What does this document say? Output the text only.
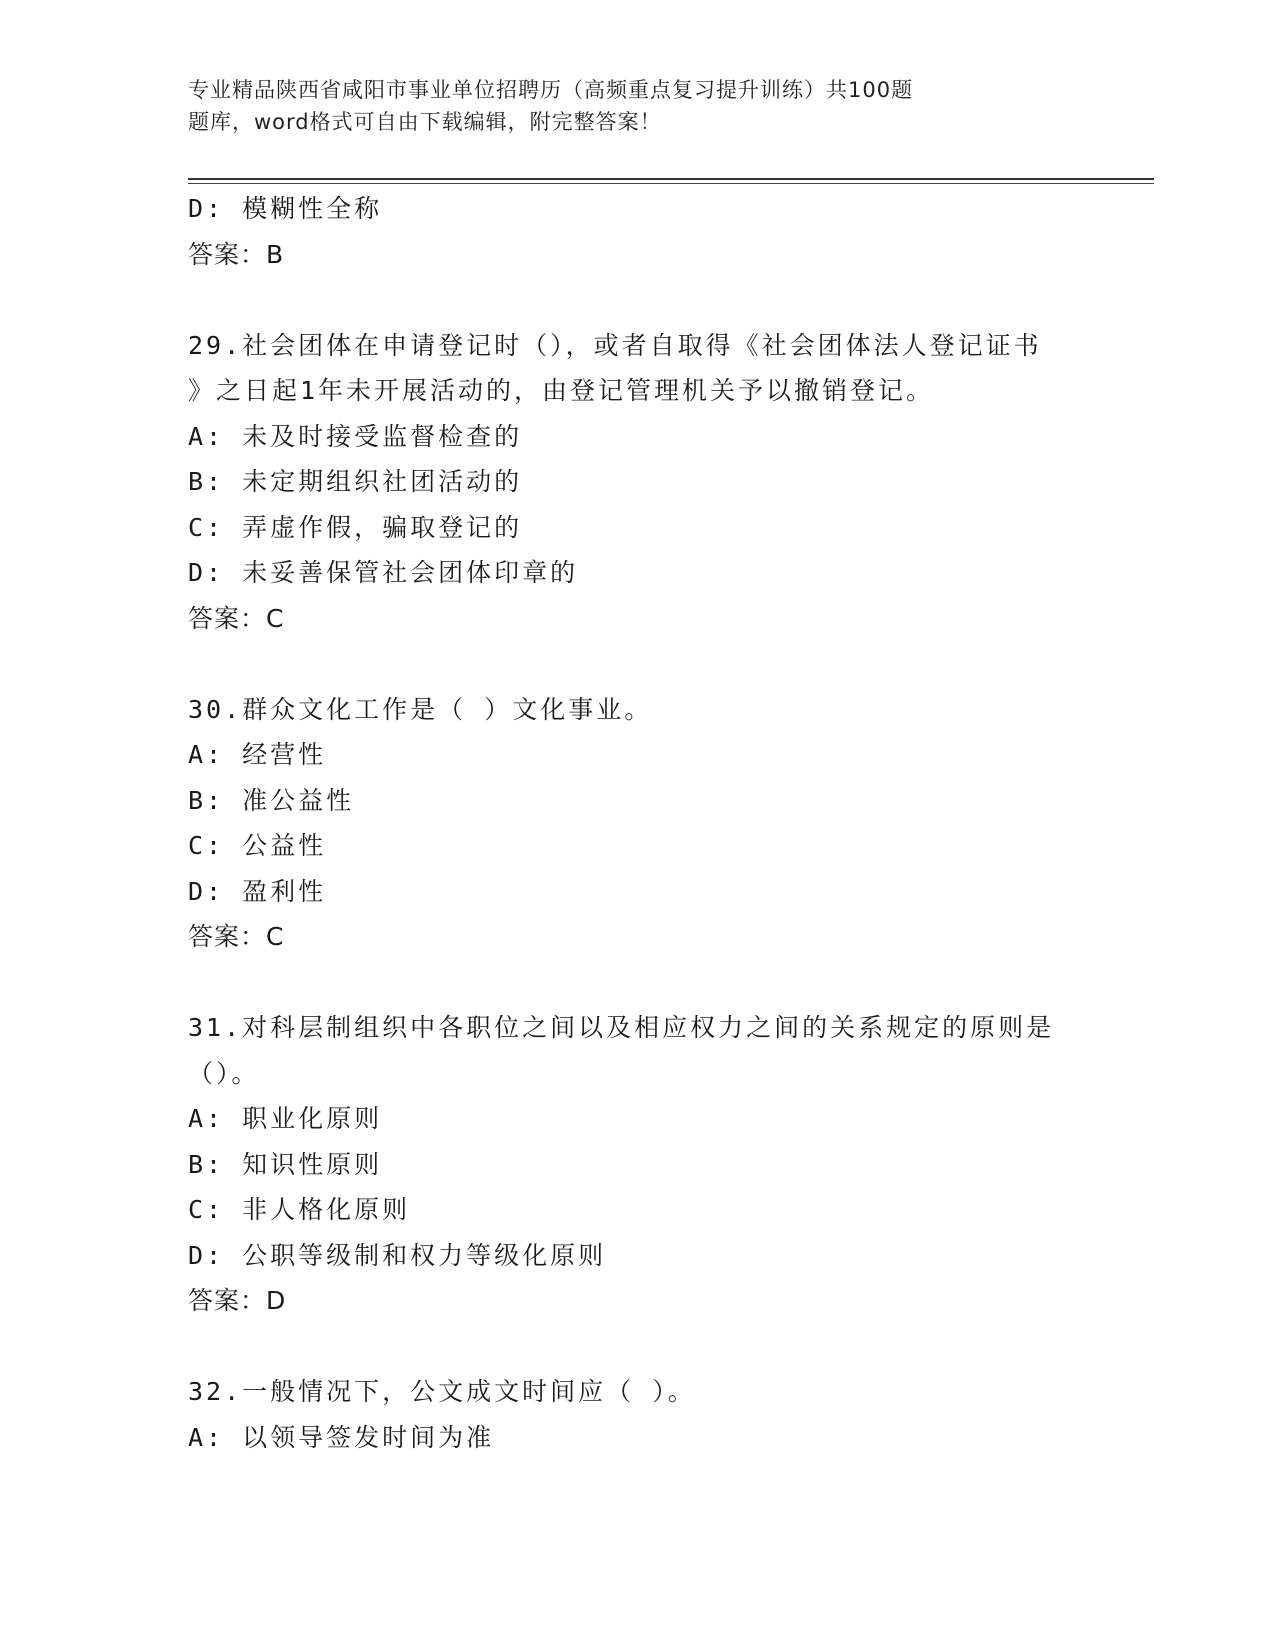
专业精品陕西省咸阳市事业单位招聘历（高频重点复习提升训练）共100题
题库，word格式可自由下载编辑，附完整答案！
D: 模糊性全称
答案：B
29.社会团体在申请登记时（），或者自取得《社会团体法人登记证书
》之日起1年未开展活动的，由登记管理机关予以撤销登记。
A: 未及时接受监督检查的
B: 未定期组织社团活动的
C: 弄虚作假，骗取登记的
D: 未妥善保管社会团体印章的
答案：C
30.群众文化工作是（ ）文化事业。
A: 经营性
B: 准公益性
C: 公益性
D: 盈利性
答案：C
31.对科层制组织中各职位之间以及相应权力之间的关系规定的原则是
（）。
A: 职业化原则
B: 知识性原则
C: 非人格化原则
D: 公职等级制和权力等级化原则
答案：D
32.一般情况下，公文成文时间应（ ）。
A: 以领导签发时间为准
